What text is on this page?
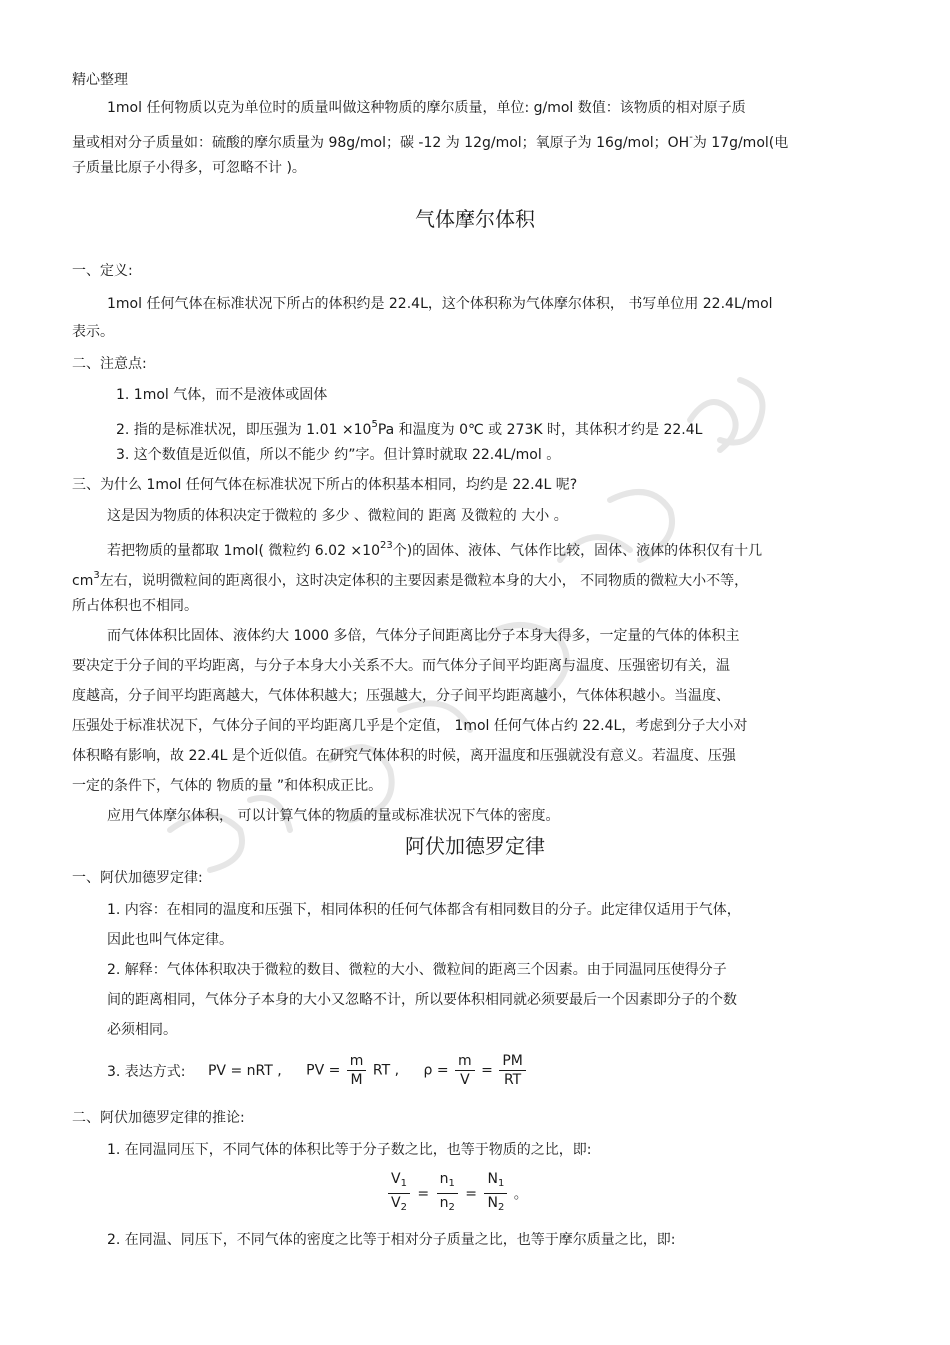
精心整理
1mol 任何物质以克为单位时的质量叫做这种物质的摩尔质量，单位: g/mol 数值：该物质的相对原子质
量或相对分子质量如：硫酸的摩尔质量为 98g/mol；碳 -12 为 12g/mol；氧原子为 16g/mol；OH-为 17g/mol(电
子质量比原子小得多，可忽略不计 )。
气体摩尔体积
一、定义:
1mol 任何气体在标准状况下所占的体积约是 22.4L，这个体积称为气体摩尔体积， 书写单位用 22.4L/mol
表示。
二、注意点:
1. 1mol 气体，而不是液体或固体
2. 指的是标准状况，即压强为 $1.01 \times 10^5Pa$ 和温度为 0℃ 或 273K 时，其体积才约是 22.4L
3. 这个数值是近似值，所以不能少 约”字。但计算时就取 22.4L/mol 。
三、为什么 1mol 任何气体在标准状况下所占的体积基本相同，均约是 22.4L 呢?
这是因为物质的体积决定于微粒的 多少 、微粒间的 距离 及微粒的 大小 。
若把物质的量都取 1mol( 微粒约 $6.02 \times 10^{23}$个)的固体、液体、气体作比较，固体、液体的体积仅有十几
$cm^3$左右，说明微粒间的距离很小，这时决定体积的主要因素是微粒本身的大小， 不同物质的微粒大小不等，
所占体积也不相同。
而气体体积比固体、液体约大 1000 多倍，气体分子间距离比分子本身大得多，一定量的气体的体积主
要决定于分子间的平均距离，与分子本身大小关系不大。而气体分子间平均距离与温度、压强密切有关，温
度越高，分子间平均距离越大，气体体积越大；压强越大，分子间平均距离越小，气体体积越小。当温度、
压强处于标准状况下，气体分子间的平均距离几乎是个定值， 1mol 任何气体占约 22.4L，考虑到分子大小对
体积略有影响，故 22.4L 是个近似值。在研究气体体积的时候，离开温度和压强就没有意义。若温度、压强
一定的条件下，气体的 物质的量 ”和体积成正比。
应用气体摩尔体积， 可以计算气体的物质的量或标准状况下气体的密度。
阿伏加德罗定律
一、阿伏加德罗定律:
1. 内容：在相同的温度和压强下，相同体积的任何气体都含有相同数目的分子。此定律仅适用于气体，
因此也叫气体定律。
2. 解释：气体体积取决于微粒的数目、微粒的大小、微粒间的距离三个因素。由于同温同压使得分子
间的距离相同，气体分子本身的大小又忽略不计，所以要体积相同就必须要最后一个因素即分子的个数
必须相同。
3. 表达方式: PV = nRT , PV = $\frac{m}{M}$ RT , $\rho = \frac{m}{V} = \frac{PM}{RT}$
二、阿伏加德罗定律的推论:
1. 在同温同压下，不同气体的体积比等于分子数之比，也等于物质的之比，即:
$\frac{V_1}{V_2} = \frac{n_1}{n_2} = \frac{N_1}{N_2}$ 。
2. 在同温、同压下，不同气体的密度之比等于相对分子质量之比，也等于摩尔质量之比，即:
